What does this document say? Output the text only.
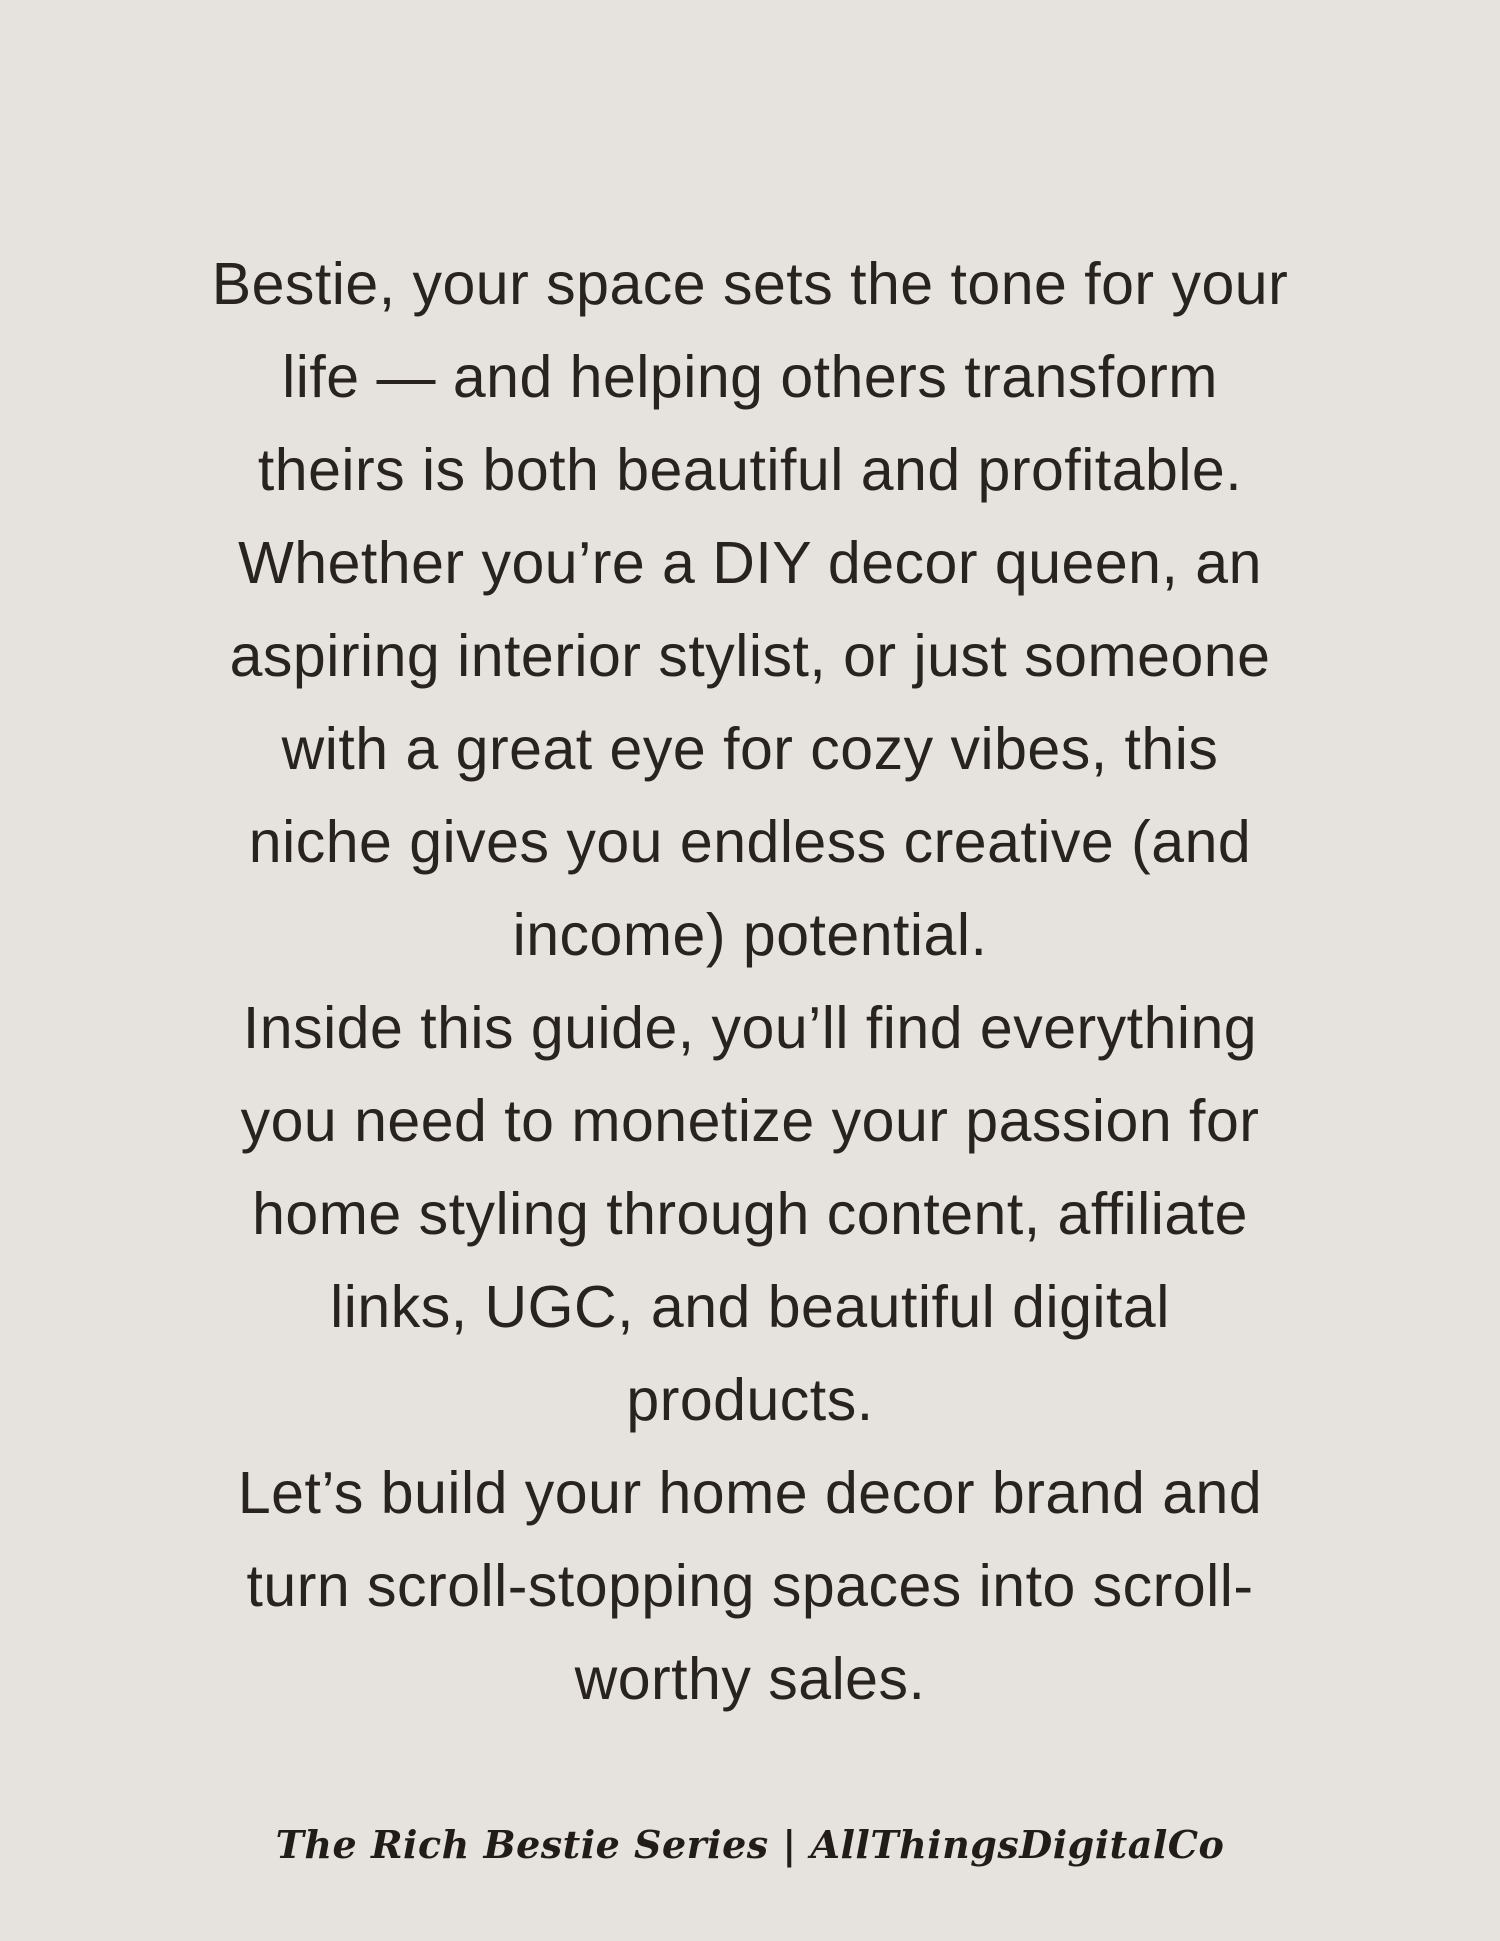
Bestie, your space sets the tone for your
life — and helping others transform
theirs is both beautiful and profitable.
Whether you’re a DIY decor queen, an
aspiring interior stylist, or just someone
with a great eye for cozy vibes, this
niche gives you endless creative (and
income) potential.
Inside this guide, you’ll find everything
you need to monetize your passion for
home styling through content, affiliate
links, UGC, and beautiful digital
products.
Let’s build your home decor brand and
turn scroll-stopping spaces into scroll-
worthy sales.
The Rich Bestie Series | AllThingsDigitalCo
